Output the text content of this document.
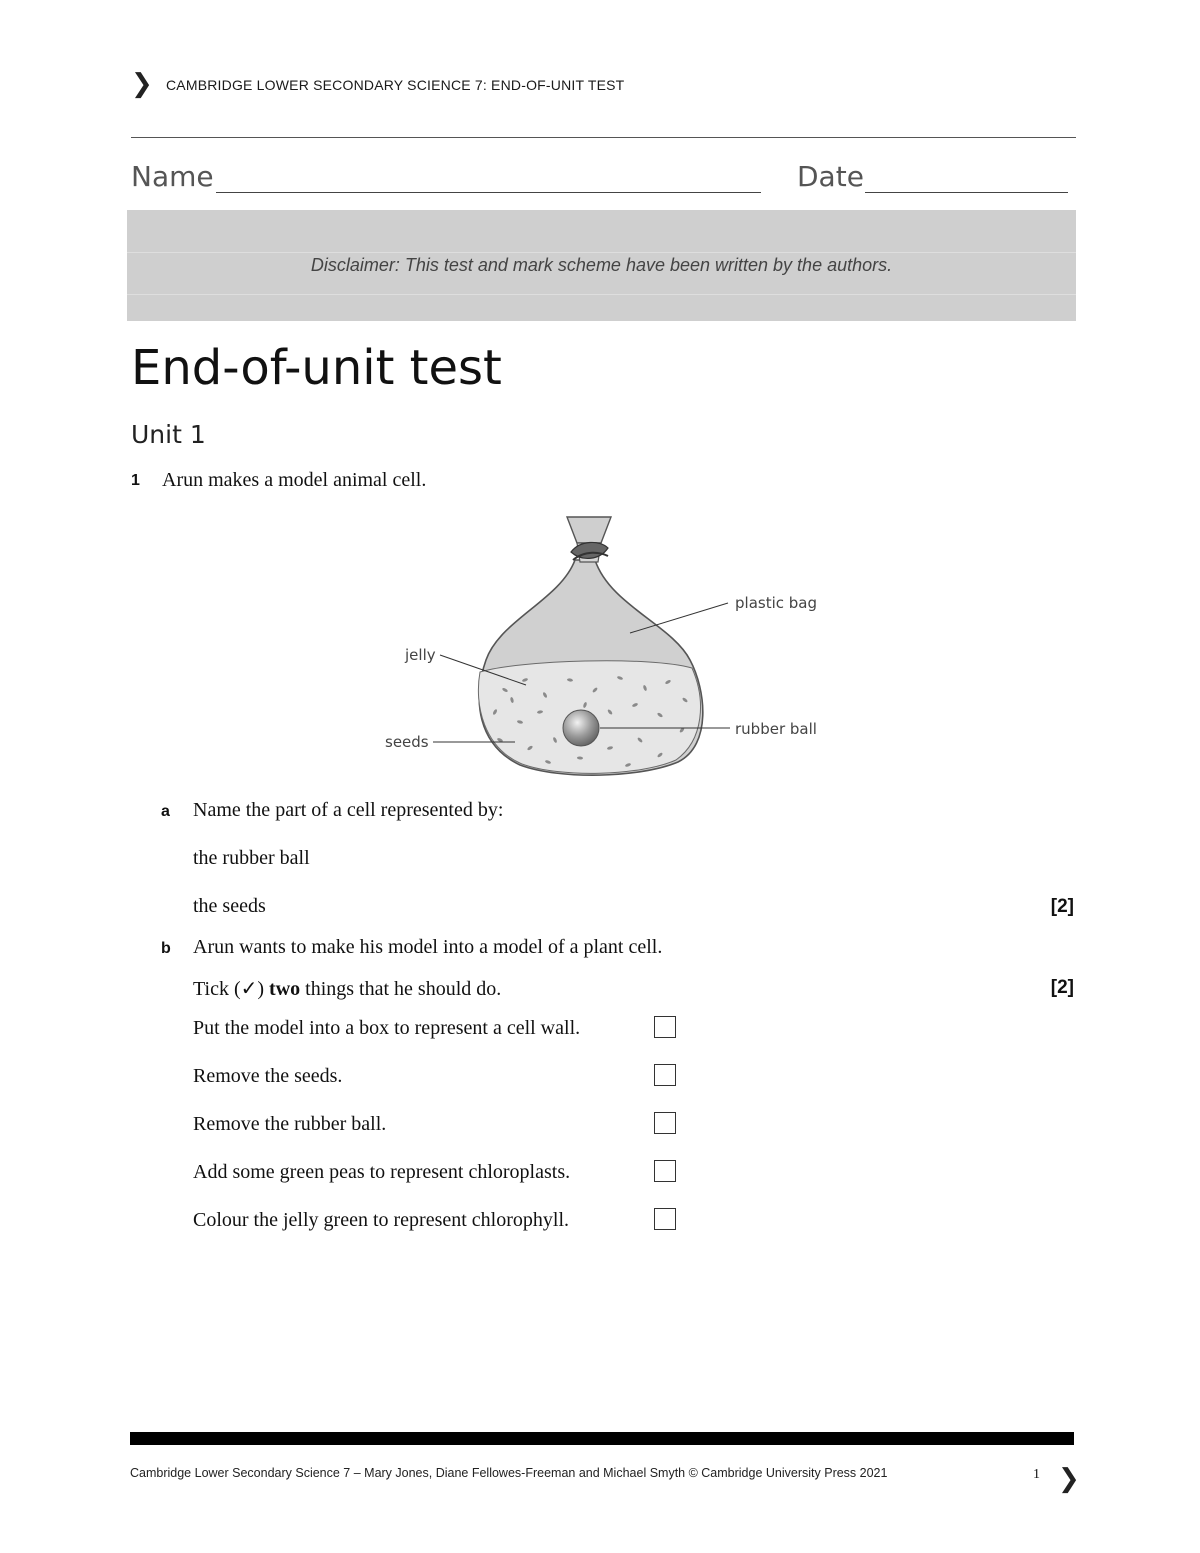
❯ CAMBRIDGE LOWER SECONDARY SCIENCE 7: END-OF-UNIT TEST
Name	Date
Disclaimer: This test and mark scheme have been written by the authors.
End-of-unit test
Unit 1
1 Arun makes a model animal cell.
plastic bag
jelly
seeds
rubber ball
a Name the part of a cell represented by:
the rubber ball
the seeds	[2]
b Arun wants to make his model into a model of a plant cell.
Tick (✓) two things that he should do.	[2]
Put the model into a box to represent a cell wall.
Remove the seeds.
Remove the rubber ball.
Add some green peas to represent chloroplasts.
Colour the jelly green to represent chlorophyll.
Cambridge Lower Secondary Science 7 – Mary Jones, Diane Fellowes-Freeman and Michael Smyth © Cambridge University Press 2021	1 ❯
